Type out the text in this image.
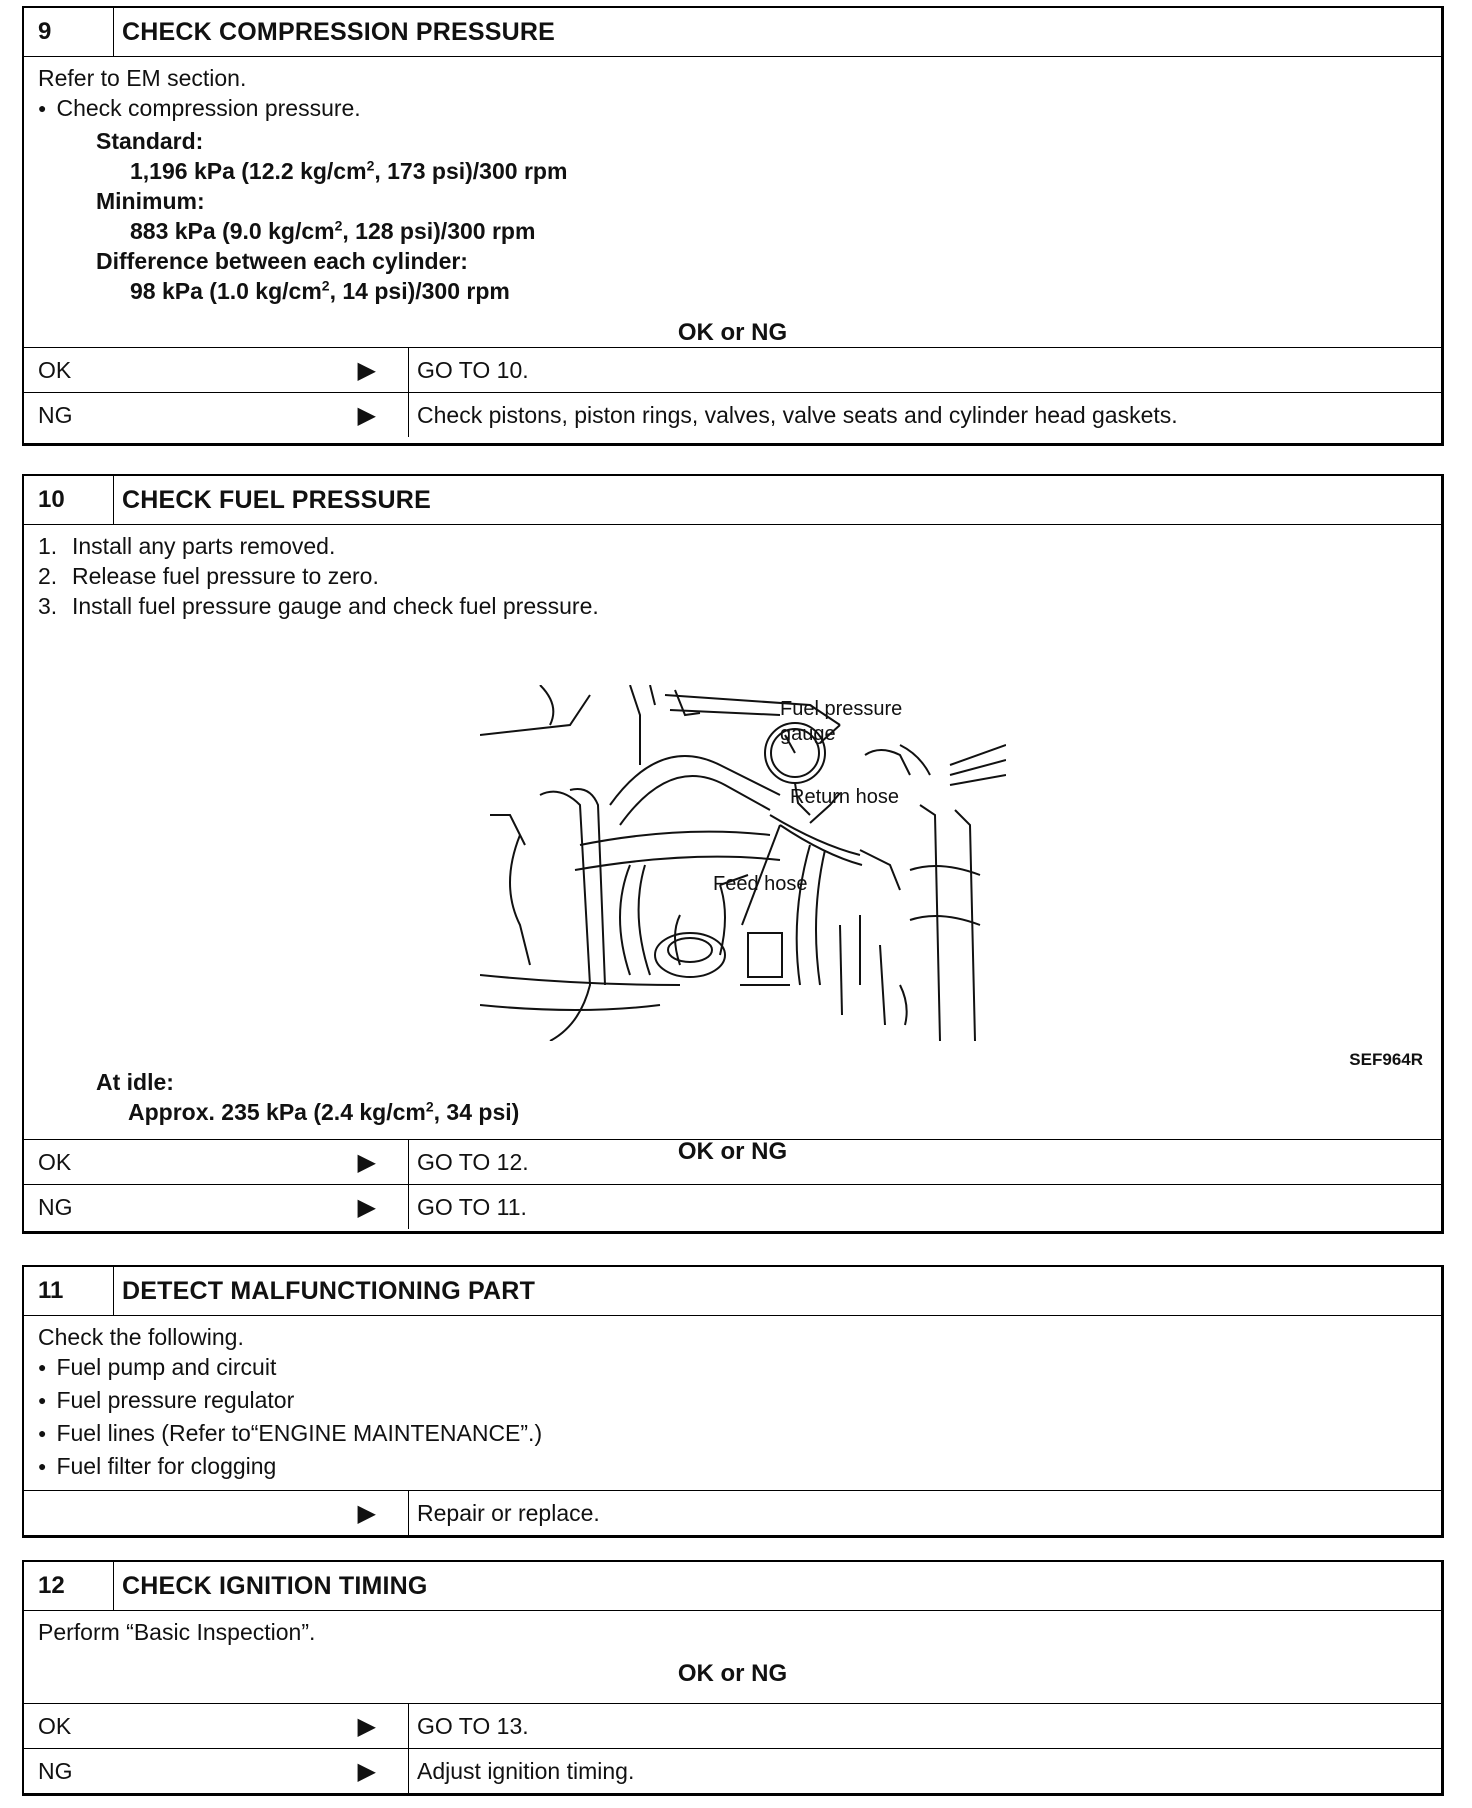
9	CHECK COMPRESSION PRESSURE
Refer to EM section.
● Check compression pressure.
Standard:
1,196 kPa (12.2 $kg/cm^2$, 173 psi)/300 rpm
Minimum:
883 kPa (9.0 $kg/cm^2$, 128 psi)/300 rpm
Difference between each cylinder:
98 kPa (1.0 $kg/cm^2$, 14 psi)/300 rpm
OK or NG
OK	▶	GO TO 10.
NG	▶	Check pistons, piston rings, valves, valve seats and cylinder head gaskets.
10	CHECK FUEL PRESSURE
1. Install any parts removed.
2. Release fuel pressure to zero.
3. Install fuel pressure gauge and check fuel pressure.
Fuel pressure
gauge
Return hose
Feed hose
SEF964R
At idle:
Approx. 235 kPa (2.4 $kg/cm^2$, 34 psi)
OK or NG
OK	▶	GO TO 12.
NG	▶	GO TO 11.
11	DETECT MALFUNCTIONING PART
Check the following.
● Fuel pump and circuit
● Fuel pressure regulator
● Fuel lines (Refer to“ENGINE MAINTENANCE”.)
● Fuel filter for clogging
▶	Repair or replace.
12	CHECK IGNITION TIMING
Perform “Basic Inspection”.
OK or NG
OK	▶	GO TO 13.
NG	▶	Adjust ignition timing.
